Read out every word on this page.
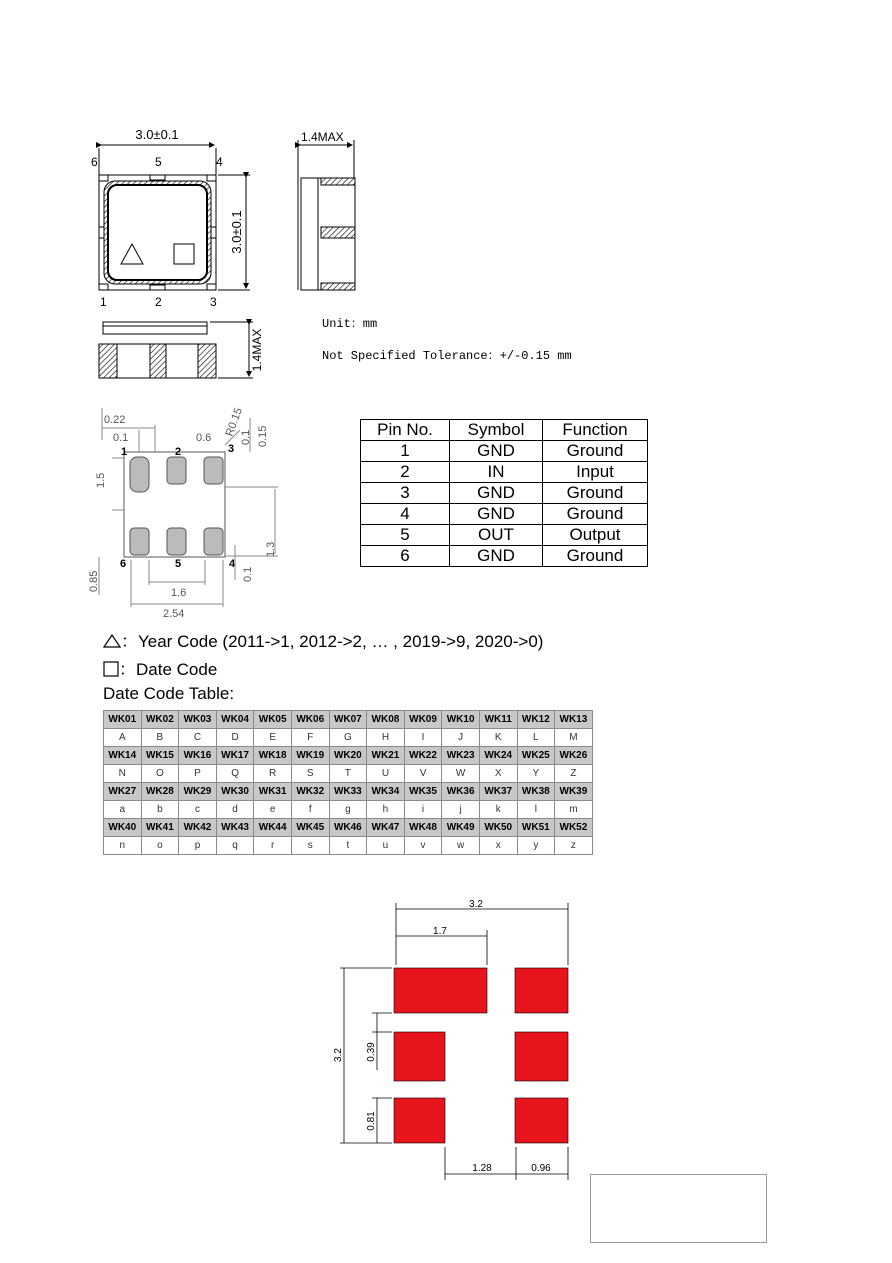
3.0±0.1
3.0±0.1
6	5	4
1	2	3
1.4MAX
1.4MAX
Unit：mm
Not Specified Tolerance：+/-0.15 mm
0.22
0.1	0.6 R0.15
0.1 0.15
1.5
1.3
0.1
0.85
1.6
2.54
1	2	3
4
5
6
Pin No.	Symbol	Function
1	GND	Ground
2	IN	Input
3	GND	Ground
4	GND	Ground
5	OUT	Output
6	GND	Ground
：Year Code (2011->1, 2012->2, … , 2019->9, 2020->0)
：Date Code
Date Code Table:
WK01	WK02	WK03	WK04	WK05	WK06	WK07	WK08	WK09	WK10	WK11	WK12	WK13
A	B	C	D	E	F	G	H	I	J	K	L	M
WK14	WK15	WK16	WK17	WK18	WK19	WK20	WK21	WK22	WK23	WK24	WK25	WK26
N	O	P	Q	R	S	T	U	V	W	X	Y	Z
WK27	WK28	WK29	WK30	WK31	WK32	WK33	WK34	WK35	WK36	WK37	WK38	WK39
a	b	c	d	e	f	g	h	i	j	k	l	m
WK40	WK41	WK42	WK43	WK44	WK45	WK46	WK47	WK48	WK49	WK50	WK51	WK52
n	o	p	q	r	s	t	u	v	w	x	y	z
3.2
1.7
3.2 0.39
0.81
1.28	0.96
